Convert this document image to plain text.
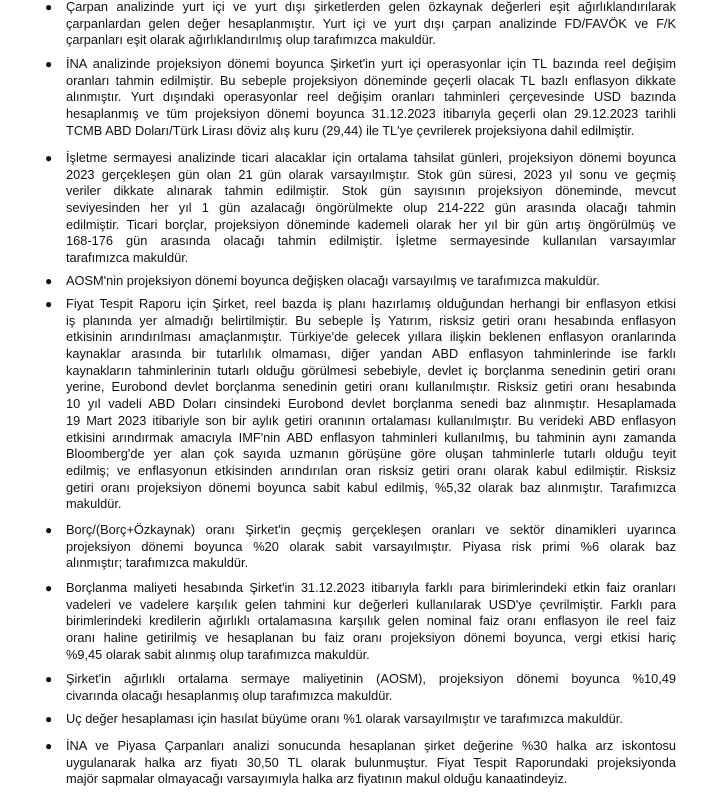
● Çarpan analizinde yurt içi ve yurt dışı şirketlerden gelen özkaynak değerleri eşit ağırlıklandırılarak
çarpanlardan gelen değer hesaplanmıştır. Yurt içi ve yurt dışı çarpan analizinde FD/FAVÖK ve F/K
çarpanları eşit olarak ağırlıklandırılmış olup tarafımızca makuldür.
● İNA analizinde projeksiyon dönemi boyunca Şirket'in yurt içi operasyonlar için TL bazında reel değişim
oranları tahmin edilmiştir. Bu sebeple projeksiyon döneminde geçerli olacak TL bazlı enflasyon dikkate
alınmıştır. Yurt dışındaki operasyonlar reel değişim oranları tahminleri çerçevesinde USD bazında
hesaplanmış ve tüm projeksiyon dönemi boyunca 31.12.2023 itibarıyla geçerli olan 29.12.2023 tarihli
TCMB ABD Doları/Türk Lirası döviz alış kuru (29,44) ile TL'ye çevrilerek projeksiyona dahil edilmiştir.
● İşletme sermayesi analizinde ticari alacaklar için ortalama tahsilat günleri, projeksiyon dönemi boyunca
2023 gerçekleşen gün olan 21 gün olarak varsayılmıştır. Stok gün süresi, 2023 yıl sonu ve geçmiş
veriler dikkate alınarak tahmin edilmiştir. Stok gün sayısının projeksiyon döneminde, mevcut
seviyesinden her yıl 1 gün azalacağı öngörülmekte olup 214-222 gün arasında olacağı tahmin
edilmiştir. Ticari borçlar, projeksiyon döneminde kademeli olarak her yıl bir gün artış öngörülmüş ve
168-176 gün arasında olacağı tahmin edilmiştir. İşletme sermayesinde kullanılan varsayımlar
tarafımızca makuldür.
● AOSM'nin projeksiyon dönemi boyunca değişken olacağı varsayılmış ve tarafımızca makuldür.
● Fiyat Tespit Raporu için Şirket, reel bazda iş planı hazırlamış olduğundan herhangi bir enflasyon etkisi
iş planında yer almadığı belirtilmiştir. Bu sebeple İş Yatırım, risksiz getiri oranı hesabında enflasyon
etkisinin arındırılması amaçlanmıştır. Türkiye'de gelecek yıllara ilişkin beklenen enflasyon oranlarında
kaynaklar arasında bir tutarlılık olmaması, diğer yandan ABD enflasyon tahminlerinde ise farklı
kaynakların tahminlerinin tutarlı olduğu görülmesi sebebiyle, devlet iç borçlanma senedinin getiri oranı
yerine, Eurobond devlet borçlanma senedinin getiri oranı kullanılmıştır. Risksiz getiri oranı hesabında
10 yıl vadeli ABD Doları cinsindeki Eurobond devlet borçlanma senedi baz alınmıştır. Hesaplamada
19 Mart 2023 itibariyle son bir aylık getiri oranının ortalaması kullanılmıştır. Bu verideki ABD enflasyon
etkisini arındırmak amacıyla IMF'nin ABD enflasyon tahminleri kullanılmış, bu tahminin aynı zamanda
Bloomberg'de yer alan çok sayıda uzmanın görüşüne göre oluşan tahminlerle tutarlı olduğu teyit
edilmiş; ve enflasyonun etkisinden arındırılan oran risksiz getiri oranı olarak kabul edilmiştir. Risksiz
getiri oranı projeksiyon dönemi boyunca sabit kabul edilmiş, %5,32 olarak baz alınmıştır. Tarafımızca
makuldür.
● Borç/(Borç+Özkaynak) oranı Şirket'in geçmiş gerçekleşen oranları ve sektör dinamikleri uyarınca
projeksiyon dönemi boyunca %20 olarak sabit varsayılmıştır. Piyasa risk primi %6 olarak baz
alınmıştır; tarafımızca makuldür.
● Borçlanma maliyeti hesabında Şirket'in 31.12.2023 itibarıyla farklı para birimlerindeki etkin faiz oranları
vadeleri ve vadelere karşılık gelen tahmini kur değerleri kullanılarak USD'ye çevrilmiştir. Farklı para
birimlerindeki kredilerin ağırlıklı ortalamasına karşılık gelen nominal faiz oranı enflasyon ile reel faiz
oranı haline getirilmiş ve hesaplanan bu faiz oranı projeksiyon dönemi boyunca, vergi etkisi hariç
%9,45 olarak sabit alınmış olup tarafımızca makuldür.
● Şirket'in ağırlıklı ortalama sermaye maliyetinin (AOSM), projeksiyon dönemi boyunca %10,49
civarında olacağı hesaplanmış olup tarafımızca makuldür.
● Uç değer hesaplaması için hasılat büyüme oranı %1 olarak varsayılmıştır ve tarafımızca makuldür.
● İNA ve Piyasa Çarpanları analizi sonucunda hesaplanan şirket değerine %30 halka arz iskontosu
uygulanarak halka arz fiyatı 30,50 TL olarak bulunmuştur. Fiyat Tespit Raporundaki projeksiyonda
majör sapmalar olmayacağı varsayımıyla halka arz fiyatının makul olduğu kanaatindeyiz.
